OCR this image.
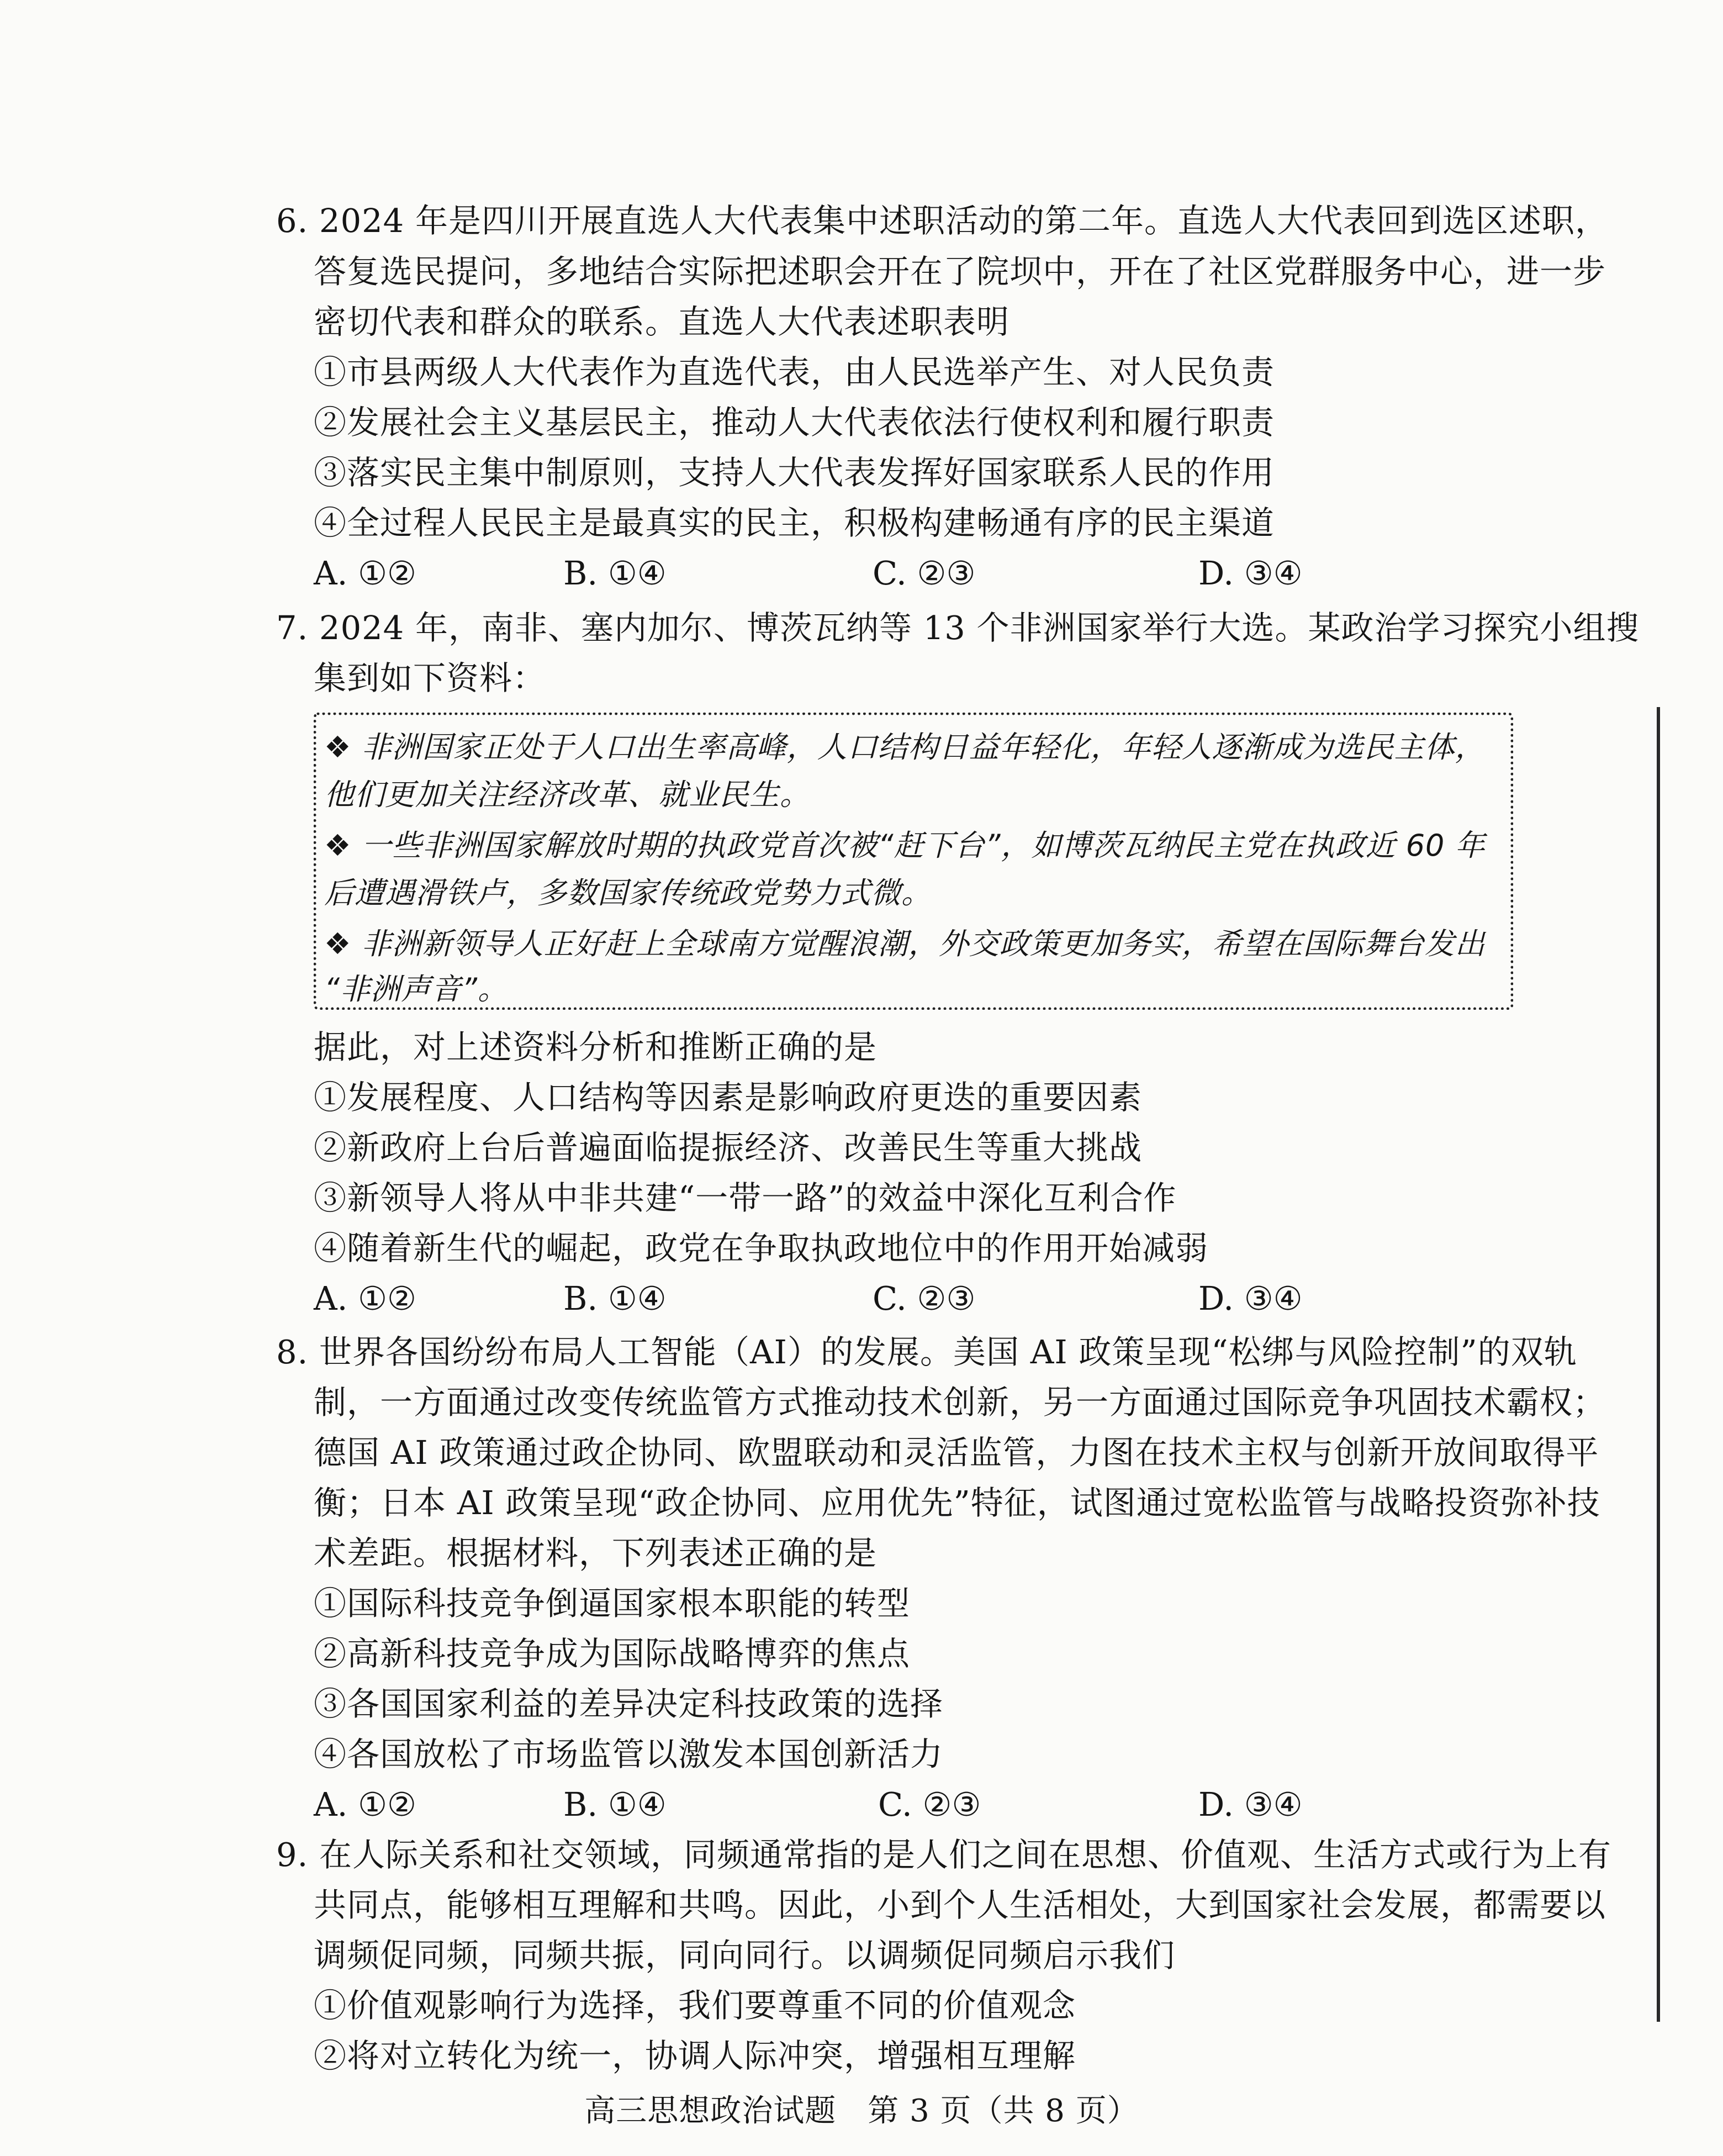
6. 2024 年是四川开展直选人大代表集中述职活动的第二年。直选人大代表回到选区述职，
答复选民提问，多地结合实际把述职会开在了院坝中，开在了社区党群服务中心，进一步
密切代表和群众的联系。直选人大代表述职表明
①市县两级人大代表作为直选代表，由人民选举产生、对人民负责
②发展社会主义基层民主，推动人大代表依法行使权利和履行职责
③落实民主集中制原则，支持人大代表发挥好国家联系人民的作用
④全过程人民民主是最真实的民主，积极构建畅通有序的民主渠道
A. ①②	B. ①④	C. ②③	D. ③④
7. 2024 年，南非、塞内加尔、博茨瓦纳等 13 个非洲国家举行大选。某政治学习探究小组搜
集到如下资料：
❖ 非洲国家正处于人口出生率高峰，人口结构日益年轻化，年轻人逐渐成为选民主体，
他们更加关注经济改革、就业民生。
❖ 一些非洲国家解放时期的执政党首次被“赶下台”，如博茨瓦纳民主党在执政近 60 年
后遭遇滑铁卢，多数国家传统政党势力式微。
❖ 非洲新领导人正好赶上全球南方觉醒浪潮，外交政策更加务实，希望在国际舞台发出
“非洲声音”。
据此，对上述资料分析和推断正确的是
①发展程度、人口结构等因素是影响政府更迭的重要因素
②新政府上台后普遍面临提振经济、改善民生等重大挑战
③新领导人将从中非共建“一带一路”的效益中深化互利合作
④随着新生代的崛起，政党在争取执政地位中的作用开始减弱
A. ①②	B. ①④	C. ②③	D. ③④
8. 世界各国纷纷布局人工智能（AI）的发展。美国 AI 政策呈现“松绑与风险控制”的双轨
制，一方面通过改变传统监管方式推动技术创新，另一方面通过国际竞争巩固技术霸权；
德国 AI 政策通过政企协同、欧盟联动和灵活监管，力图在技术主权与创新开放间取得平
衡；日本 AI 政策呈现“政企协同、应用优先”特征，试图通过宽松监管与战略投资弥补技
术差距。根据材料，下列表述正确的是
①国际科技竞争倒逼国家根本职能的转型
②高新科技竞争成为国际战略博弈的焦点
③各国国家利益的差异决定科技政策的选择
④各国放松了市场监管以激发本国创新活力
A. ①②	B. ①④	C. ②③	D. ③④
9. 在人际关系和社交领域，同频通常指的是人们之间在思想、价值观、生活方式或行为上有
共同点，能够相互理解和共鸣。因此，小到个人生活相处，大到国家社会发展，都需要以
调频促同频，同频共振，同向同行。以调频促同频启示我们
①价值观影响行为选择，我们要尊重不同的价值观念
②将对立转化为统一，协调人际冲突，增强相互理解
高三思想政治试题　第 3 页（共 8 页）
